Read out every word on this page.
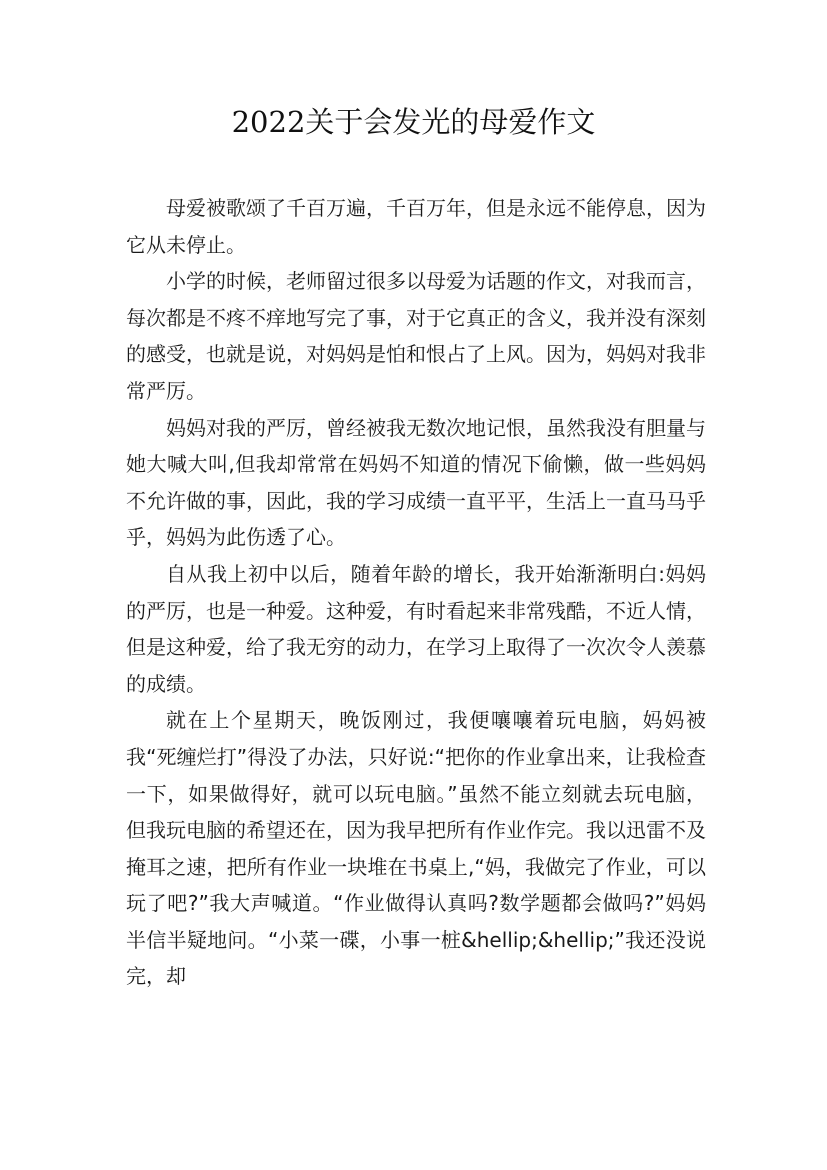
2022关于会发光的母爱作文

母爱被歌颂了千百万遍，千百万年，但是永远不能停息，因为它从未停止。

小学的时候，老师留过很多以母爱为话题的作文，对我而言，每次都是不疼不痒地写完了事，对于它真正的含义，我并没有深刻的感受，也就是说，对妈妈是怕和恨占了上风。因为，妈妈对我非常严厉。

妈妈对我的严厉，曾经被我无数次地记恨，虽然我没有胆量与她大喊大叫,但我却常常在妈妈不知道的情况下偷懒，做一些妈妈不允许做的事，因此，我的学习成绩一直平平，生活上一直马马乎乎，妈妈为此伤透了心。

自从我上初中以后，随着年龄的增长，我开始渐渐明白:妈妈的严厉，也是一种爱。这种爱，有时看起来非常残酷，不近人情，但是这种爱，给了我无穷的动力，在学习上取得了一次次令人羡慕的成绩。

就在上个星期天，晚饭刚过，我便嚷嚷着玩电脑，妈妈被我“死缠烂打”得没了办法，只好说:“把你的作业拿出来，让我检查一下，如果做得好，就可以玩电脑。”虽然不能立刻就去玩电脑，但我玩电脑的希望还在，因为我早把所有作业作完。我以迅雷不及掩耳之速，把所有作业一块堆在书桌上,“妈，我做完了作业，可以玩了吧?”我大声喊道。“作业做得认真吗?数学题都会做吗?”妈妈半信半疑地问。“小菜一碟，小事一桩&hellip;&hellip;”我还没说完，却
